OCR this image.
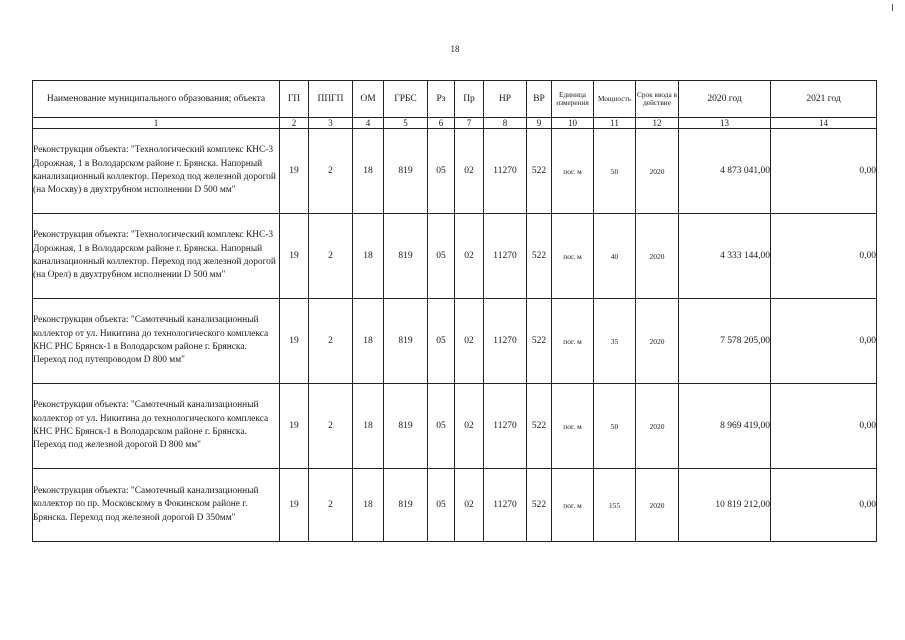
18
Наименование муниципального образования; объекта	ГП	ППГП	ОМ	ГРБС	Рз	Пр	НР	ВР	Единица измерения	Мощность	Срок ввода в действие	2020 год	2021 год
1	2	3	4	5	6	7	8	9	10	11	12	13	14
Реконструкция объекта: "Технологический комплекс КНС-3 Дорожная, 1 в Володарском районе г. Брянска. Напорный канализационный коллектор. Переход под железной дорогой (на Москву) в двухтрубном исполнении D 500 мм"	19	2	18	819	05	02	11270	522	пог. м	50	2020	4 873 041,00	0,00
Реконструкция объекта: "Технологический комплекс КНС-3 Дорожная, 1 в Володарском районе г. Брянска. Напорный канализационный коллектор. Переход под железной дорогой (на Орел) в двухтрубном исполнении D 500 мм"	19	2	18	819	05	02	11270	522	пог. м	40	2020	4 333 144,00	0,00
Реконструкция объекта: "Самотечный канализационный коллектор от ул. Никитина до технологического комплекса КНС РНС Брянск-1 в Володарском районе г. Брянска. Переход под путепроводом D 800 мм"	19	2	18	819	05	02	11270	522	пог. м	35	2020	7 578 205,00	0,00
Реконструкция объекта: "Самотечный канализационный коллектор от ул. Никитина до технологического комплекса КНС РНС Брянск-1 в Володарском районе г. Брянска. Переход под железной дорогой D 800 мм"	19	2	18	819	05	02	11270	522	пог. м	50	2020	8 969 419,00	0,00
Реконструкция объекта: "Самотечный канализационный коллектор по пр. Московскому в Фокинском районе г. Брянска. Переход под железной дорогой D 350мм"	19	2	18	819	05	02	11270	522	пог. м	155	2020	10 819 212,00	0,00
